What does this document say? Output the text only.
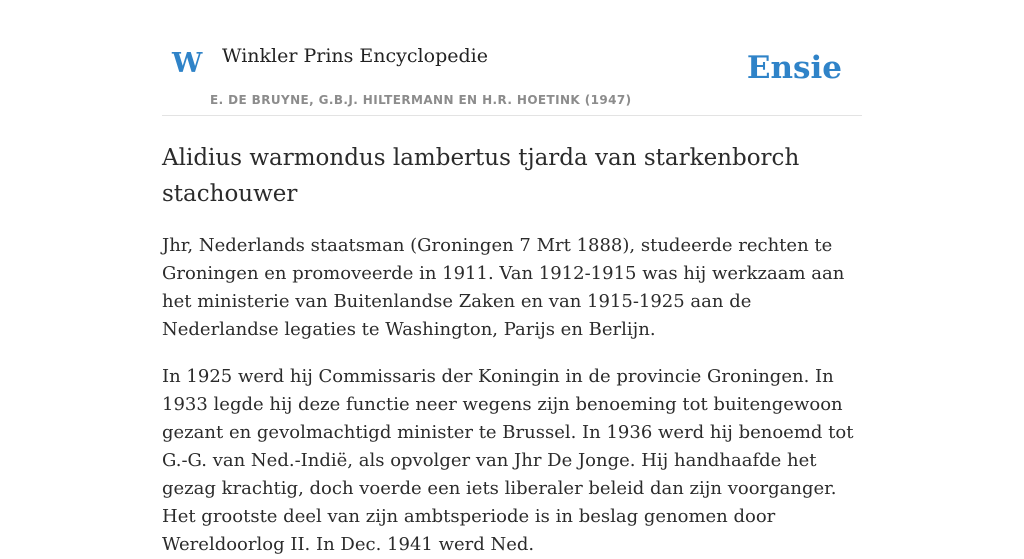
W Winkler Prins Encyclopedie
E. DE BRUYNE, G.B.J. HILTERMANN EN H.R. HOETINK (1947)
Ensie
Alidius warmondus lambertus tjarda van starkenborch stachouwer

Jhr, Nederlands staatsman (Groningen 7 Mrt 1888), studeerde rechten te Groningen en promoveerde in 1911. Van 1912-1915 was hij werkzaam aan het ministerie van Buitenlandse Zaken en van 1915-1925 aan de Nederlandse legaties te Washington, Parijs en Berlijn.

In 1925 werd hij Commissaris der Koningin in de provincie Groningen. In 1933 legde hij deze functie neer wegens zijn benoeming tot buitengewoon gezant en gevolmachtigd minister te Brussel. In 1936 werd hij benoemd tot G.-G. van Ned.-Indië, als opvolger van Jhr De Jonge. Hij handhaafde het gezag krachtig, doch voerde een iets liberaler beleid dan zijn voorganger. Het grootste deel van zijn ambtsperiode is in beslag genomen door Wereldoorlog II. In Dec. 1941 werd Ned.
